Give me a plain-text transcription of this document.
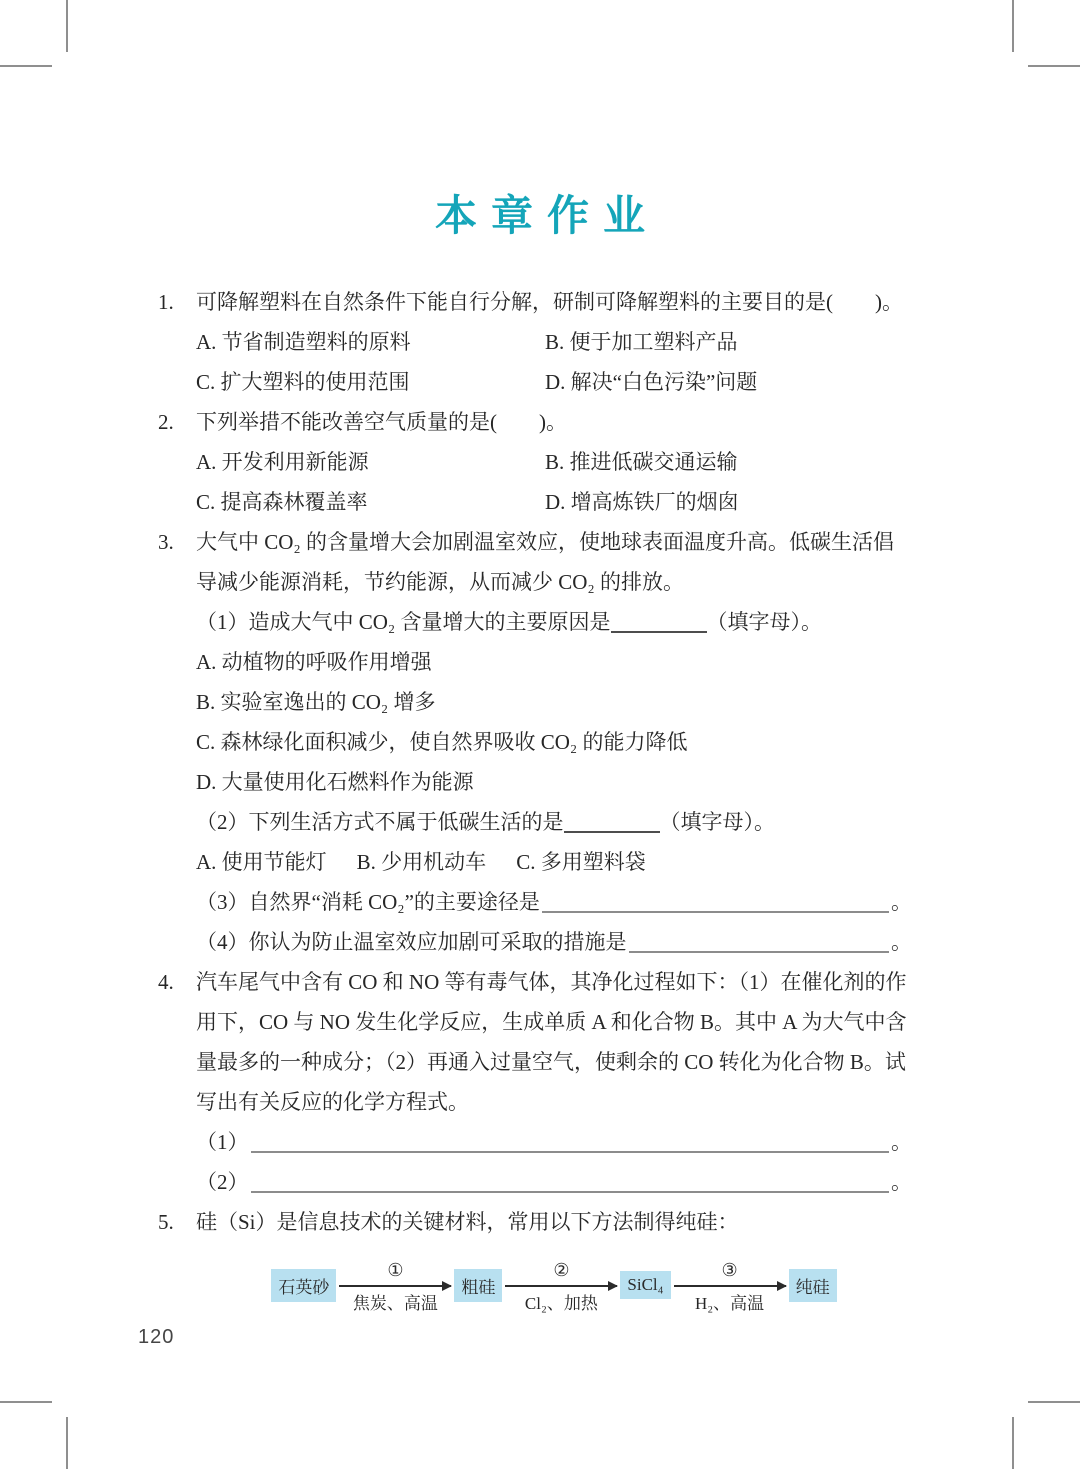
本章作业
1. 可降解塑料在自然条件下能自行分解，研制可降解塑料的主要目的是(　　)。
A. 节省制造塑料的原料	B. 便于加工塑料产品
C. 扩大塑料的使用范围	D. 解决“白色污染”问题
2. 下列举措不能改善空气质量的是(　　)。
A. 开发利用新能源	B. 推进低碳交通运输
C. 提高森林覆盖率	D. 增高炼铁厂的烟囱
3. 大气中 CO₂ 的含量增大会加剧温室效应，使地球表面温度升高。低碳生活倡导减少能源消耗，节约能源，从而减少 CO₂ 的排放。
（1）造成大气中 CO₂ 含量增大的主要原因是	（填字母）。
A. 动植物的呼吸作用增强
B. 实验室逸出的 CO₂ 增多
C. 森林绿化面积减少，使自然界吸收 CO₂ 的能力降低
D. 大量使用化石燃料作为能源
（2）下列生活方式不属于低碳生活的是	（填字母）。
A. 使用节能灯 B. 少用机动车 C. 多用塑料袋
（3）自然界“消耗 CO₂”的主要途径是	。
（4）你认为防止温室效应加剧可采取的措施是	。
4. 汽车尾气中含有 CO 和 NO 等有毒气体，其净化过程如下：（1）在催化剂的作用下，CO 与 NO 发生化学反应，生成单质 A 和化合物 B。其中 A 为大气中含量最多的一种成分；（2）再通入过量空气，使剩余的 CO 转化为化合物 B。试写出有关反应的化学方程式。
（1）	。
（2）	。
5. 硅（Si）是信息技术的关键材料，常用以下方法制得纯硅：
石英砂
①
焦炭、高温
粗硅
②
Cl₂、加热
SiCl₄
③
H₂、高温
纯硅
120
